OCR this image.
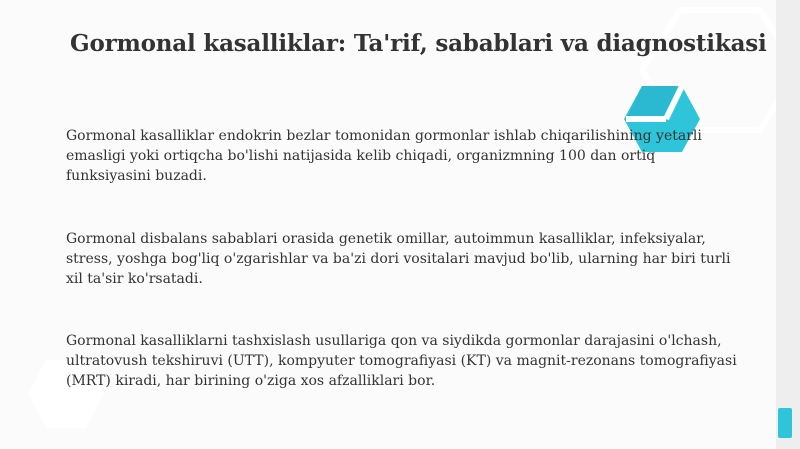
Gormonal kasalliklar: Ta'rif, sabablari va diagnostikasi

Gormonal kasalliklar endokrin bezlar tomonidan gormonlar ishlab chiqarilishining yetarli emasligi yoki ortiqcha bo'lishi natijasida kelib chiqadi, organizmning 100 dan ortiq funksiyasini buzadi.

Gormonal disbalans sabablari orasida genetik omillar, autoimmun kasalliklar, infeksiyalar, stress, yoshga bog'liq o'zgarishlar va ba'zi dori vositalari mavjud bo'lib, ularning har biri turli xil ta'sir ko'rsatadi.

Gormonal kasalliklarni tashxislash usullariga qon va siydikda gormonlar darajasini o'lchash, ultratovush tekshiruvi (UTT), kompyuter tomografiyasi (KT) va magnit-rezonans tomografiyasi (MRT) kiradi, har birining o'ziga xos afzalliklari bor.
